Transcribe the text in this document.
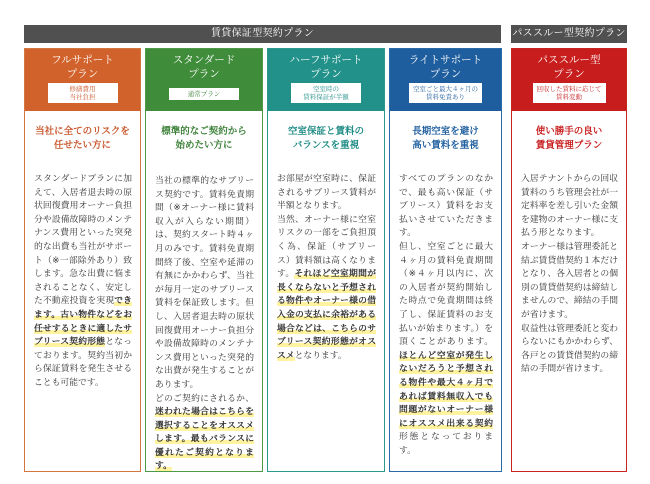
賃貸保証型契約プラン	パススルー型契約プラン
フルサポート
プラン
修繕費用
当社負担
当社に全てのリスクを
任せたい方に

スタンダードプランに加えて、入居者退去時の原状回復費用オーナー負担分や設備故障時のメンテナンス費用といった突発的な出費も当社がサポート（※一部除外あり）致します。急な出費に悩まされることなく、安定した不動産投資を実現できます。古い物件などをお任せするときに適したサブリース契約形態となっております。契約当初から保証賃料を発生させることも可能です。

スタンダード
プラン
通常プラン
標準的なご契約から
始めたい方に

当社の標準的なサブリース契約です。賃料免責期間（※オーナー様に賃料収入が入らない期間）は、契約スタート時４ヶ月のみです。賃料免責期間終了後、空室や延滞の有無にかかわらず、当社が毎月一定のサブリース賃料を保証致します。但し、入居者退去時の原状回復費用オーナー負担分や設備故障時のメンテナンス費用といった突発的な出費が発生することがあります。

どのご契約にされるか、迷われた場合はこちらを選択することをオススメします。最もバランスに優れたご契約となります。

ハーフサポート
プラン
空室時の
賃料保証が半額
空室保証と賃料の
バランスを重視

お部屋が空室時に、保証されるサブリース賃料が半額となります。

当然、オーナー様に空室リスクの一部をご負担頂く為、保証（サブリース）賃料額は高くなります。それほど空室期間が長くならないと予想される物件やオーナー様の借入金の支払に余裕がある場合などは、こちらのサブリース契約形態がオススメとなります。

ライトサポート
プラン
空室ごと最大４ヶ月の
賃料免責あり
長期空室を避け
高い賃料を重視

すべてのプランのなかで、最も高い保証（サブリース）賃料をお支払いさせていただきます。

但し、空室ごとに最大４ヶ月の賃料免責期間（※４ヶ月以内に、次の入居者が契約開始した時点で免責期間は終了し、保証賃料のお支払いが始まります。）を頂くことがあります。ほとんど空室が発生しないだろうと予想される物件や最大４ヶ月であれば賃料無収入でも問題がないオーナー様にオススメ出来る契約形態となっております。

パススルー型
プラン
回収した賃料に応じて
賃料変動
使い勝手の良い
賃貸管理プラン

入居テナントからの回収賃料のうち管理会社が一定料率を差し引いた金額を建物のオーナー様に支払う形となります。

オーナー様は管理委託と結ぶ賃貸借契約１本だけとなり、各入居者との個別の賃貸借契約は締結しませんので、締結の手間が省けます。

収益性は管理委託と変わらないにもかかわらず、各戸との賃貸借契約の締結の手間が省けます。
